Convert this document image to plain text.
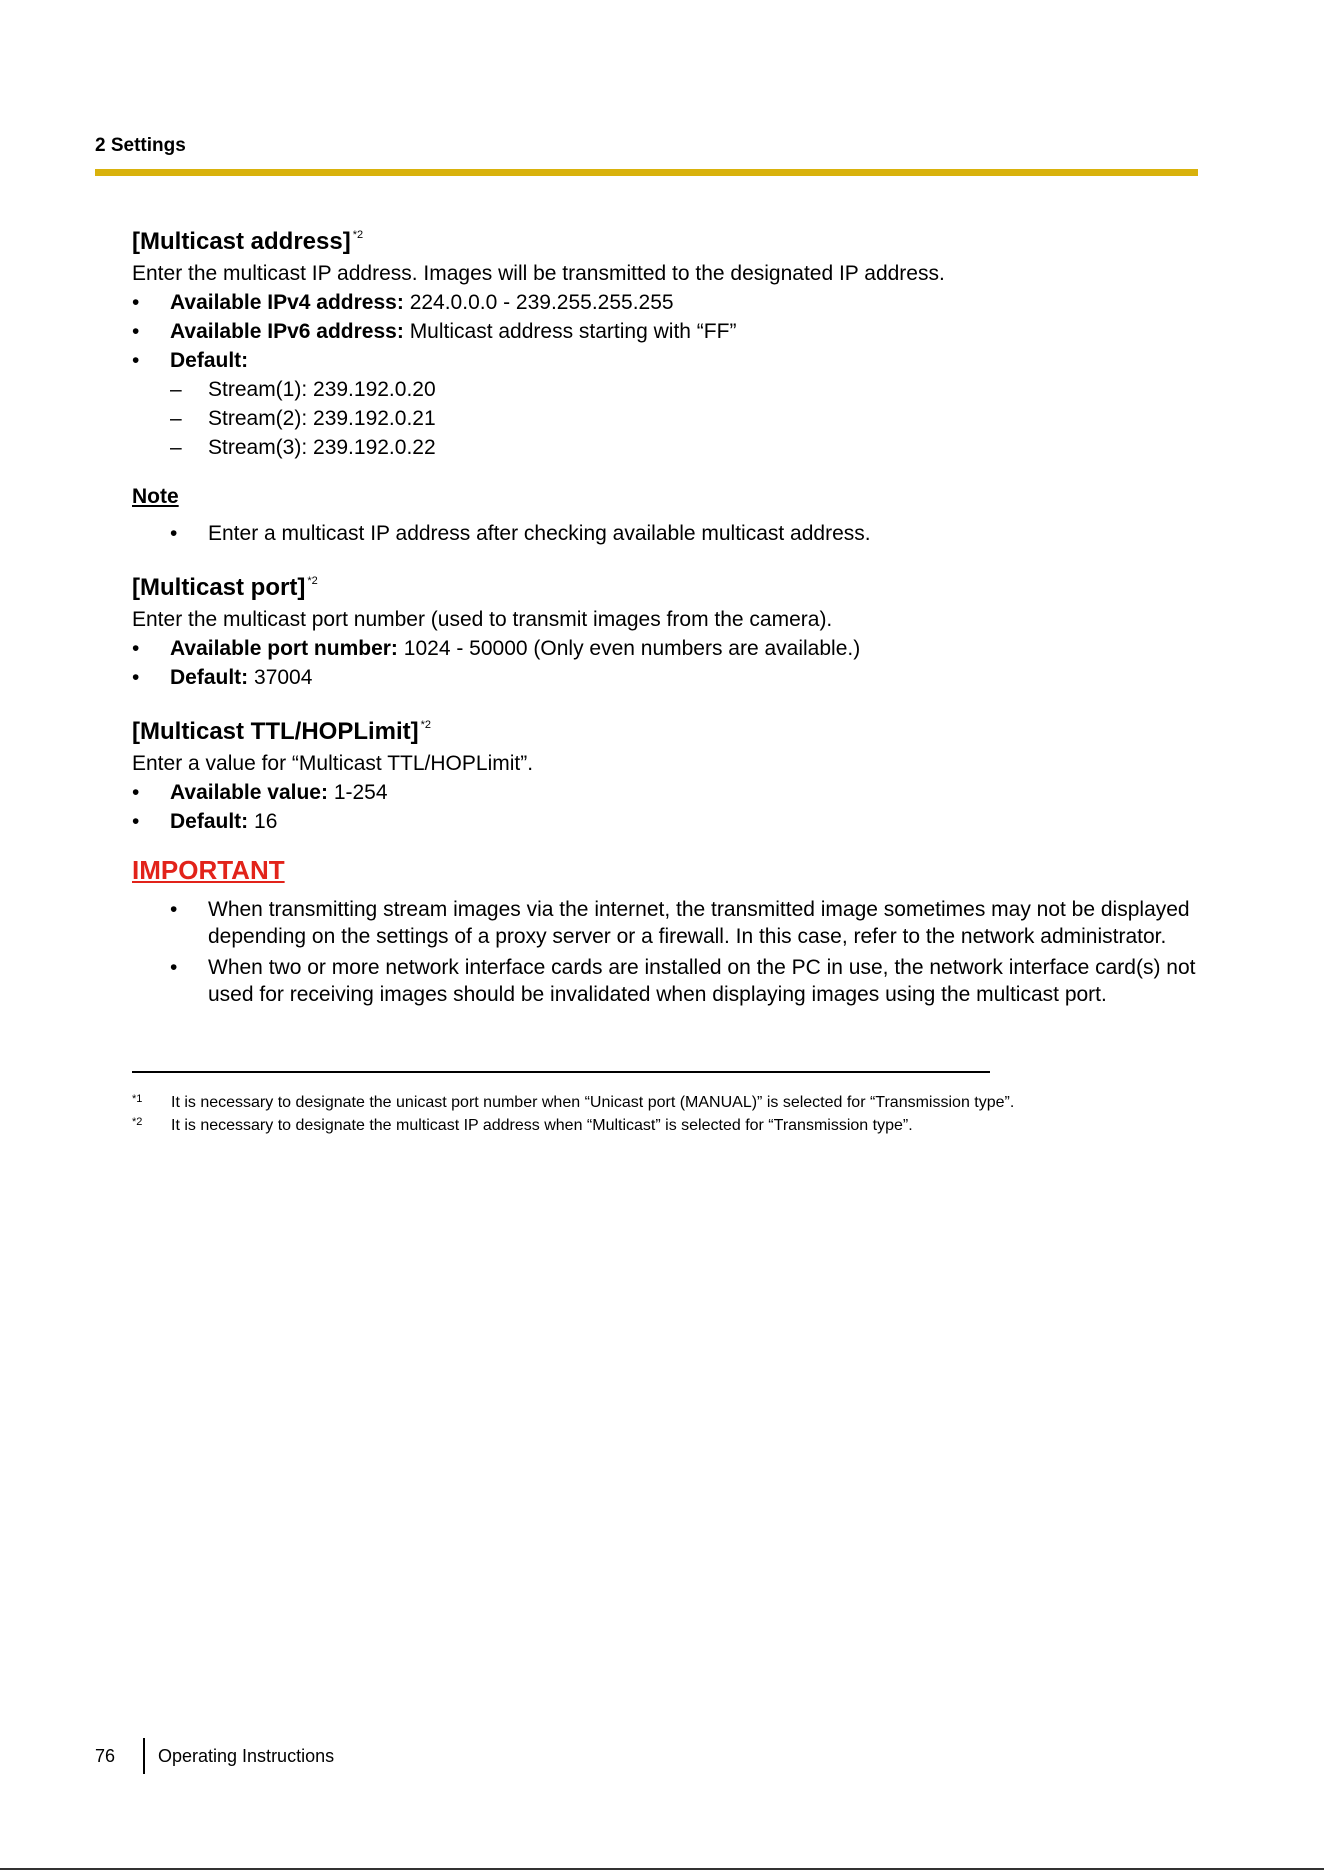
2 Settings
[Multicast address] $^{*2}$

Enter the multicast IP address. Images will be transmitted to the designated IP address.

• Available IPv4 address: 224.0.0.0 - 239.255.255.255
• Available IPv6 address: Multicast address starting with “FF”
• Default:
– Stream(1): 239.192.0.20
– Stream(2): 239.192.0.21
– Stream(3): 239.192.0.22

Note

• Enter a multicast IP address after checking available multicast address.
[Multicast port] $^{*2}$

Enter the multicast port number (used to transmit images from the camera).

• Available port number: 1024 - 50000 (Only even numbers are available.)
• Default: 37004
[Multicast TTL/HOPLimit] $^{*2}$

Enter a value for “Multicast TTL/HOPLimit”.

• Available value: 1-254
• Default: 16

IMPORTANT

• When transmitting stream images via the internet, the transmitted image sometimes may not be displayed depending on the settings of a proxy server or a firewall. In this case, refer to the network administrator.
• When two or more network interface cards are installed on the PC in use, the network interface card(s) not used for receiving images should be invalidated when displaying images using the multicast port.
*1 It is necessary to designate the unicast port number when “Unicast port (MANUAL)” is selected for “Transmission type”.
*2 It is necessary to designate the multicast IP address when “Multicast” is selected for “Transmission type”.
76 Operating Instructions
